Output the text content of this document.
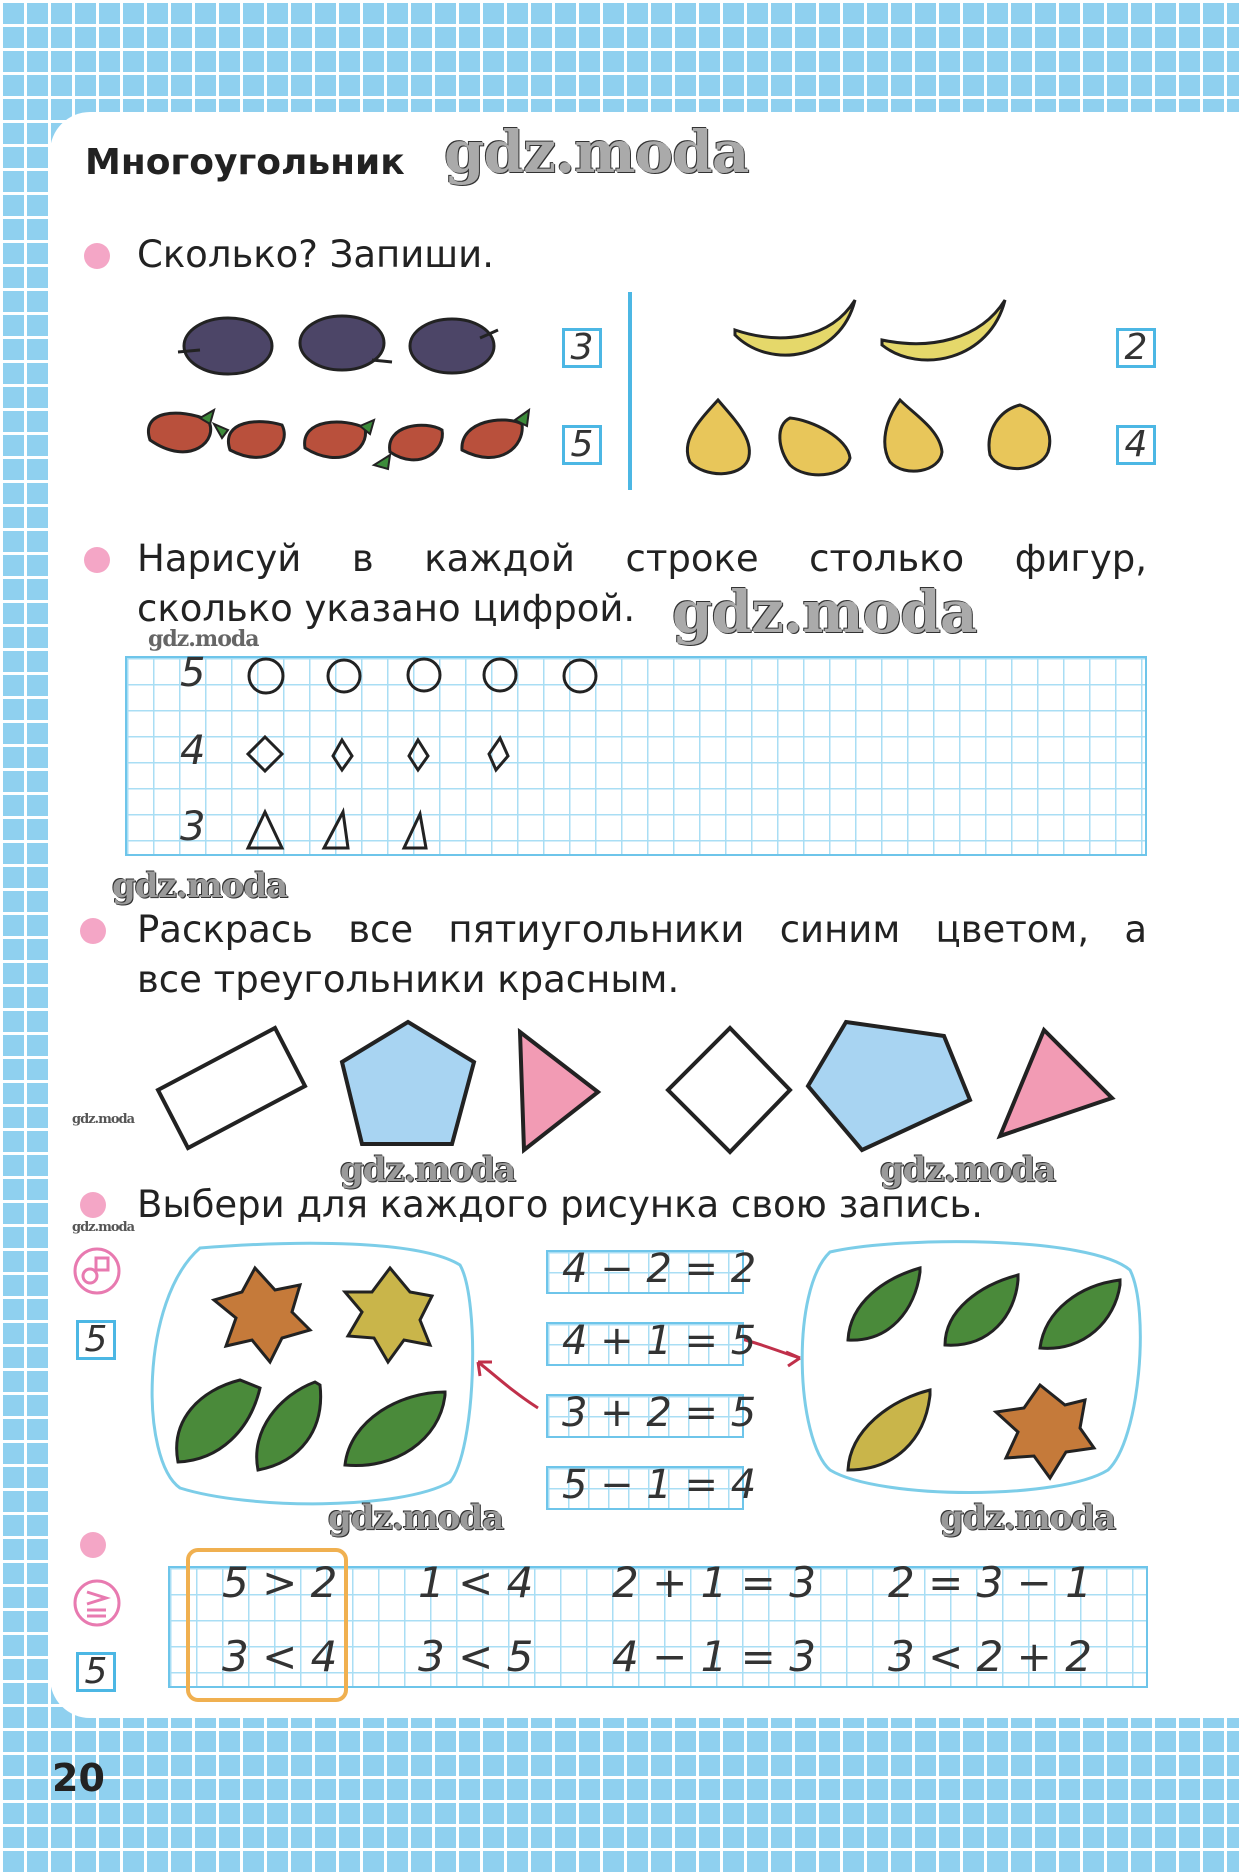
Многоугольник gdz.moda
Сколько? Запиши.
3
5
2
4
Нарисуй в каждой строке столько фигур,
сколько указано цифрой. gdz.moda
gdz.moda
5
4
3
gdz.moda
Раскрась все пятиугольники синим цветом, а
все треугольники красным.
gdz.moda
gdz.moda	gdz.moda
Выбери для каждого рисунка свою запись.
gdz.moda
5
4 − 2 = 2
4 + 1 = 5
3 + 2 = 5
5 − 1 = 4
gdz.moda	gdz.moda
5
5 > 2
3 < 4
1 < 4
3 < 5
2 + 1 = 3
4 − 1 = 3
2 = 3 − 1
3 < 2 + 2
20
